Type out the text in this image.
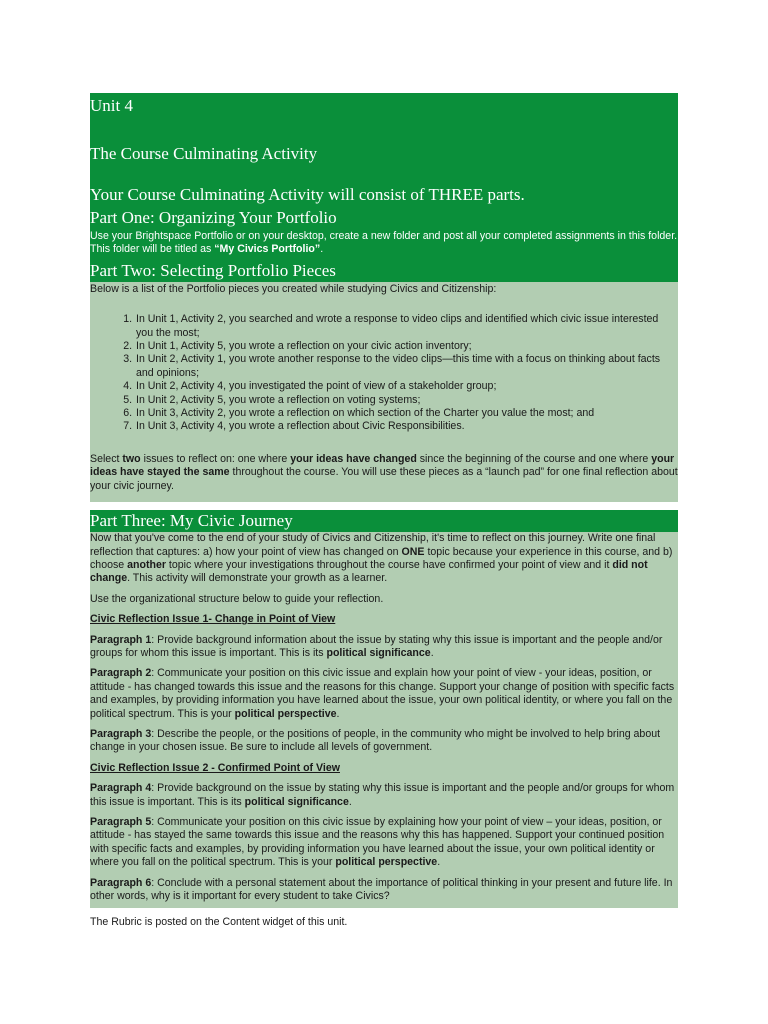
Unit 4
The Course Culminating Activity
Your Course Culminating Activity will consist of THREE parts.
Part One: Organizing Your Portfolio
Use your Brightspace Portfolio or on your desktop, create a new folder and post all your completed assignments in this folder. This folder will be titled as “My Civics Portfolio”.
Part Two: Selecting Portfolio Pieces
Below is a list of the Portfolio pieces you created while studying Civics and Citizenship:
1. In Unit 1, Activity 2, you searched and wrote a response to video clips and identified which civic issue interested you the most;
2. In Unit 1, Activity 5, you wrote a reflection on your civic action inventory;
3. In Unit 2, Activity 1, you wrote another response to the video clips—this time with a focus on thinking about facts and opinions;
4. In Unit 2, Activity 4, you investigated the point of view of a stakeholder group;
5. In Unit 2, Activity 5, you wrote a reflection on voting systems;
6. In Unit 3, Activity 2, you wrote a reflection on which section of the Charter you value the most; and
7. In Unit 3, Activity 4, you wrote a reflection about Civic Responsibilities.
Select two issues to reflect on: one where your ideas have changed since the beginning of the course and one where your ideas have stayed the same throughout the course. You will use these pieces as a “launch pad” for one final reflection about your civic journey.
Part Three: My Civic Journey

Now that you've come to the end of your study of Civics and Citizenship, it's time to reflect on this journey. Write one final reflection that captures: a) how your point of view has changed on ONE topic because your experience in this course, and b) choose another topic where your investigations throughout the course have confirmed your point of view and it did not change. This activity will demonstrate your growth as a learner.

Use the organizational structure below to guide your reflection.

Civic Reflection Issue 1- Change in Point of View

Paragraph 1: Provide background information about the issue by stating why this issue is important and the people and/or groups for whom this issue is important. This is its political significance.

Paragraph 2: Communicate your position on this civic issue and explain how your point of view - your ideas, position, or attitude - has changed towards this issue and the reasons for this change. Support your change of position with specific facts and examples, by providing information you have learned about the issue, your own political identity, or where you fall on the political spectrum. This is your political perspective.

Paragraph 3: Describe the people, or the positions of people, in the community who might be involved to help bring about change in your chosen issue. Be sure to include all levels of government.

Civic Reflection Issue 2 - Confirmed Point of View

Paragraph 4: Provide background on the issue by stating why this issue is important and the people and/or groups for whom this issue is important. This is its political significance.

Paragraph 5: Communicate your position on this civic issue by explaining how your point of view – your ideas, position, or attitude - has stayed the same towards this issue and the reasons why this has happened. Support your continued position with specific facts and examples, by providing information you have learned about the issue, your own political identity or where you fall on the political spectrum. This is your political perspective.

Paragraph 6: Conclude with a personal statement about the importance of political thinking in your present and future life. In other words, why is it important for every student to take Civics?

The Rubric is posted on the Content widget of this unit.
